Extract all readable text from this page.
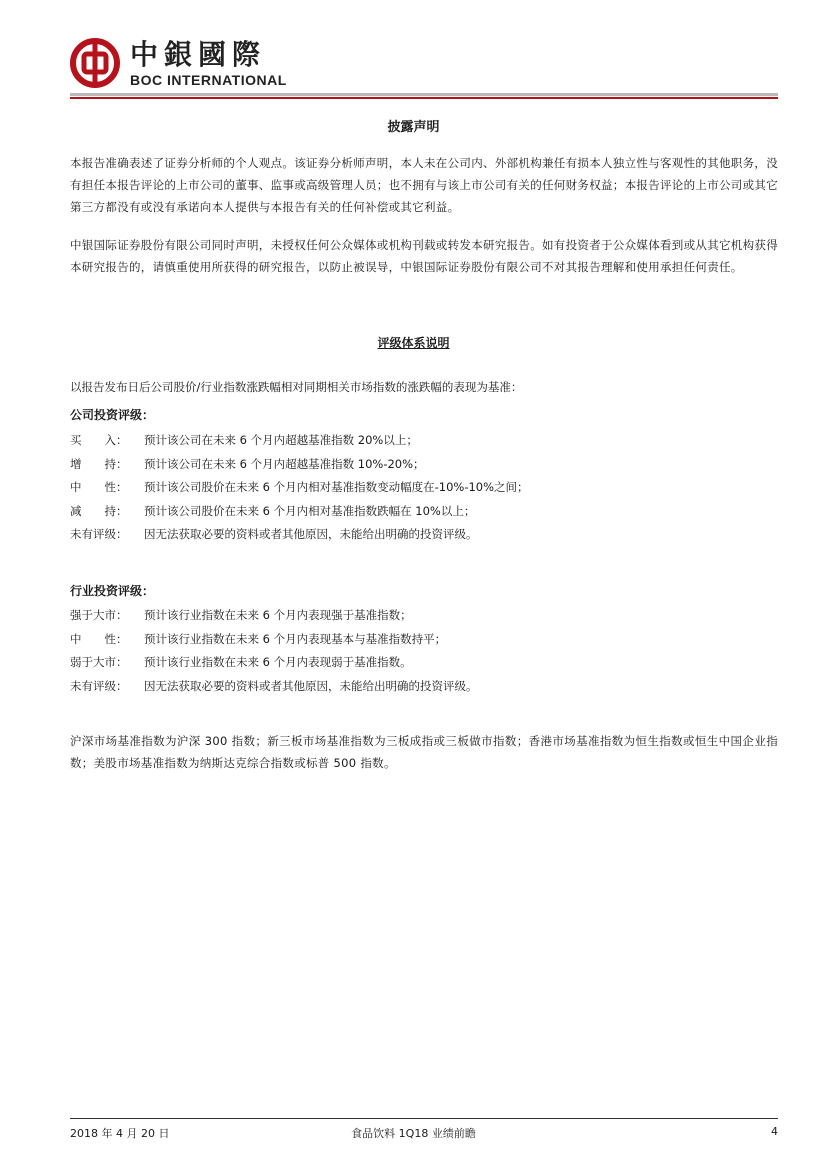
中銀國際
BOC INTERNATIONAL
披露声明
本报告准确表述了证券分析师的个人观点。该证券分析师声明，本人未在公司内、外部机构兼任有损本人独立性与客观性的其他职务，没有担任本报告评论的上市公司的董事、监事或高级管理人员；也不拥有与该上市公司有关的任何财务权益；本报告评论的上市公司或其它第三方都没有或没有承诺向本人提供与本报告有关的任何补偿或其它利益。
中银国际证券股份有限公司同时声明，未授权任何公众媒体或机构刊载或转发本研究报告。如有投资者于公众媒体看到或从其它机构获得本研究报告的，请慎重使用所获得的研究报告，以防止被误导，中银国际证券股份有限公司不对其报告理解和使用承担任何责任。
评级体系说明
以报告发布日后公司股价/行业指数涨跌幅相对同期相关市场指数的涨跌幅的表现为基准：
公司投资评级：
买　　入： 预计该公司在未来 6 个月内超越基准指数 20%以上；
增　　持： 预计该公司在未来 6 个月内超越基准指数 10%-20%；
中　　性： 预计该公司股价在未来 6 个月内相对基准指数变动幅度在-10%-10%之间；
减　　持： 预计该公司股价在未来 6 个月内相对基准指数跌幅在 10%以上；
未有评级： 因无法获取必要的资料或者其他原因，未能给出明确的投资评级。
行业投资评级：
强于大市： 预计该行业指数在未来 6 个月内表现强于基准指数；
中　　性： 预计该行业指数在未来 6 个月内表现基本与基准指数持平；
弱于大市： 预计该行业指数在未来 6 个月内表现弱于基准指数。
未有评级： 因无法获取必要的资料或者其他原因，未能给出明确的投资评级。
沪深市场基准指数为沪深 300 指数；新三板市场基准指数为三板成指或三板做市指数；香港市场基准指数为恒生指数或恒生中国企业指数；美股市场基准指数为纳斯达克综合指数或标普 500 指数。
2018 年 4 月 20 日	食品饮料 1Q18 业绩前瞻	4
